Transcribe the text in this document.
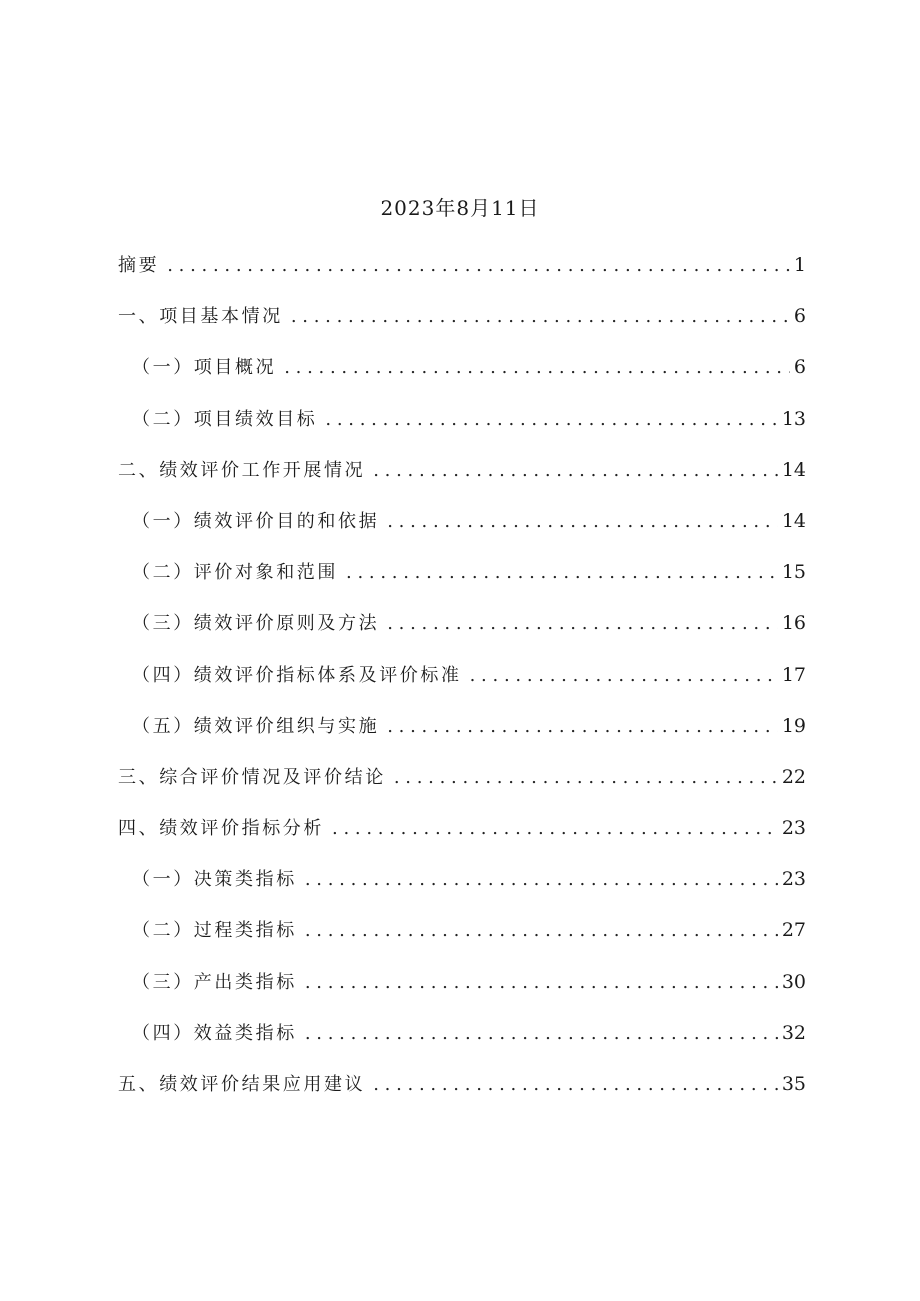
2023年8月11日
摘要 . . .	1
一、项目基本情况 . . .	6
（一）项目概况 . . .	6
（二）项目绩效目标 . . .	13
二、绩效评价工作开展情况 . . .	14
（一）绩效评价目的和依据 . . .	14
（二）评价对象和范围 . . .	15
（三）绩效评价原则及方法 . . .	16
（四）绩效评价指标体系及评价标准 . . .	17
（五）绩效评价组织与实施 . . .	19
三、综合评价情况及评价结论 . . .	22
四、绩效评价指标分析 . . .	23
（一）决策类指标 . . .	23
（二）过程类指标 . . .	27
（三）产出类指标 . . .	30
（四）效益类指标 . . .	32
五、绩效评价结果应用建议 . . .	35
